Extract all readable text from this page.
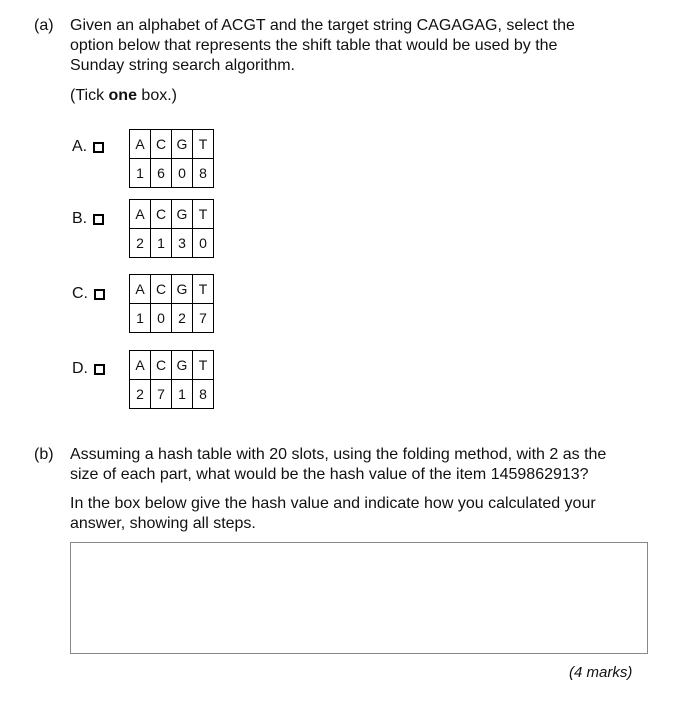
(a) Given an alphabet of ACGT and the target string CAGAGAG, select the
option below that represents the shift table that would be used by the
Sunday string search algorithm.
(Tick one box.)
A.	A	C	G	T
1	6	0	8
B.	A	C	G	T
2	1	3	0
C.	A	C	G	T
1	0	2	7
D.	A	C	G	T
2	7	1	8
(b) Assuming a hash table with 20 slots, using the folding method, with 2 as the
size of each part, what would be the hash value of the item 1459862913?
In the box below give the hash value and indicate how you calculated your
answer, showing all steps.
(4 marks)
